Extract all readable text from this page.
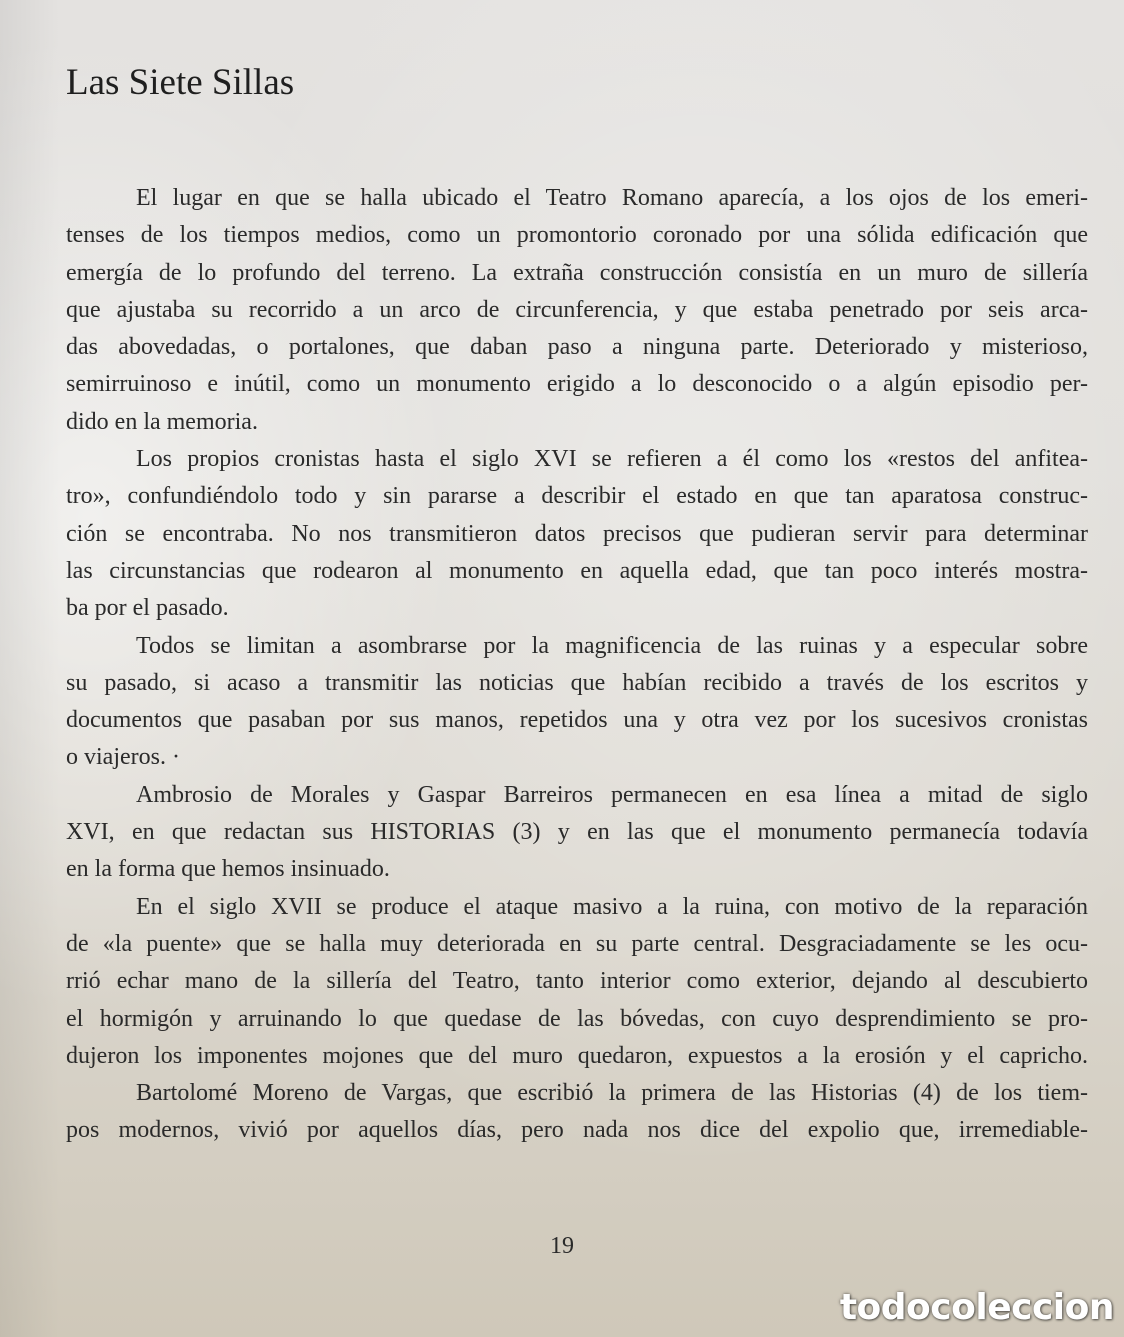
Las Siete Sillas
El lugar en que se halla ubicado el Teatro Romano aparecía, a los ojos de los emeri-
tenses de los tiempos medios, como un promontorio coronado por una sólida edificación que
emergía de lo profundo del terreno. La extraña construcción consistía en un muro de sillería
que ajustaba su recorrido a un arco de circunferencia, y que estaba penetrado por seis arca-
das abovedadas, o portalones, que daban paso a ninguna parte. Deteriorado y misterioso,
semirruinoso e inútil, como un monumento erigido a lo desconocido o a algún episodio per-
dido en la memoria.
Los propios cronistas hasta el siglo XVI se refieren a él como los «restos del anfitea-
tro», confundiéndolo todo y sin pararse a describir el estado en que tan aparatosa construc-
ción se encontraba. No nos transmitieron datos precisos que pudieran servir para determinar
las circunstancias que rodearon al monumento en aquella edad, que tan poco interés mostra-
ba por el pasado.
Todos se limitan a asombrarse por la magnificencia de las ruinas y a especular sobre
su pasado, si acaso a transmitir las noticias que habían recibido a través de los escritos y
documentos que pasaban por sus manos, repetidos una y otra vez por los sucesivos cronistas
o viajeros. ·
Ambrosio de Morales y Gaspar Barreiros permanecen en esa línea a mitad de siglo
XVI, en que redactan sus HISTORIAS (3) y en las que el monumento permanecía todavía
en la forma que hemos insinuado.
En el siglo XVII se produce el ataque masivo a la ruina, con motivo de la reparación
de «la puente» que se halla muy deteriorada en su parte central. Desgraciadamente se les ocu-
rrió echar mano de la sillería del Teatro, tanto interior como exterior, dejando al descubierto
el hormigón y arruinando lo que quedase de las bóvedas, con cuyo desprendimiento se pro-
dujeron los imponentes mojones que del muro quedaron, expuestos a la erosión y el capricho.
Bartolomé Moreno de Vargas, que escribió la primera de las Historias (4) de los tiem-
pos modernos, vivió por aquellos días, pero nada nos dice del expolio que, irremediable-
19
todocoleccion
